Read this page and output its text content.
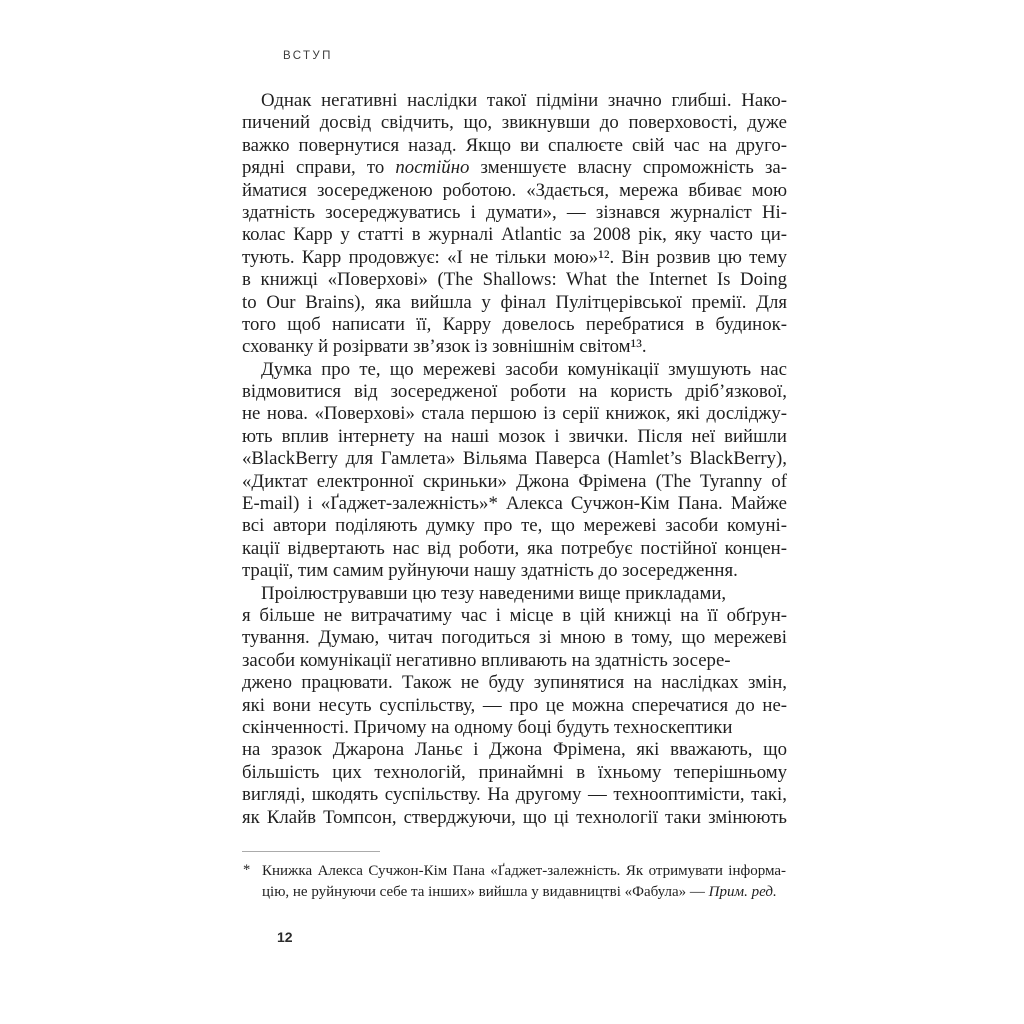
ВСТУП
Однак негативні наслідки такої підміни значно глибші. Нако-
пичений досвід свідчить, що, звикнувши до поверховості, дуже
важко повернутися назад. Якщо ви спалюєте свій час на друго-
рядні справи, то постійно зменшуєте власну спроможність за-
йматися зосередженою роботою. «Здається, мережа вбиває мою
здатність зосереджуватись і думати», — зізнався журналіст Ні-
колас Карр у статті в журналі Atlantic за 2008 рік, яку часто ци-
тують. Карр продовжує: «І не тільки мою»¹². Він розвив цю тему
в книжці «Поверхові» (The Shallows: What the Internet Is Doing
to Our Brains), яка вийшла у фінал Пулітцерівської премії. Для
того щоб написати її, Карру довелось перебратися в будинок-
схованку й розірвати зв’язок із зовнішнім світом¹³.
Думка про те, що мережеві засоби комунікації змушують нас
відмовитися від зосередженої роботи на користь дріб’язкової,
не нова. «Поверхові» стала першою із серії книжок, які досліджу-
ють вплив інтернету на наші мозок і звички. Після неї вийшли
«BlackBerry для Гамлета» Вільяма Паверса (Hamlet’s BlackBerry),
«Диктат електронної скриньки» Джона Фрімена (The Tyranny of
E-mail) і «Ґаджет-залежність»* Алекса Сучжон-Кім Пана. Майже
всі автори поділяють думку про те, що мережеві засоби комуні-
кації відвертають нас від роботи, яка потребує постійної концен-
трації, тим самим руйнуючи нашу здатність до зосередження.
Проілюструвавши цю тезу наведеними вище прикладами,
я більше не витрачатиму час і місце в цій книжці на її обґрун-
тування. Думаю, читач погодиться зі мною в тому, що мережеві
засоби комунікації негативно впливають на здатність зосере-
джено працювати. Також не буду зупинятися на наслідках змін,
які вони несуть суспільству, — про це можна сперечатися до не-
скінченності. Причому на одному боці будуть техноскептики
на зразок Джарона Ланьє і Джона Фрімена, які вважають, що
більшість цих технологій, принаймні в їхньому теперішньому
вигляді, шкодять суспільству. На другому — технооптимісти, такі,
як Клайв Томпсон, стверджуючи, що ці технології таки змінюють
* Книжка Алекса Сучжон-Кім Пана «Ґаджет-залежність. Як отримувати інформа-
цію, не руйнуючи себе та інших» вийшла у видавництві «Фабула» — Прим. ред.
12
